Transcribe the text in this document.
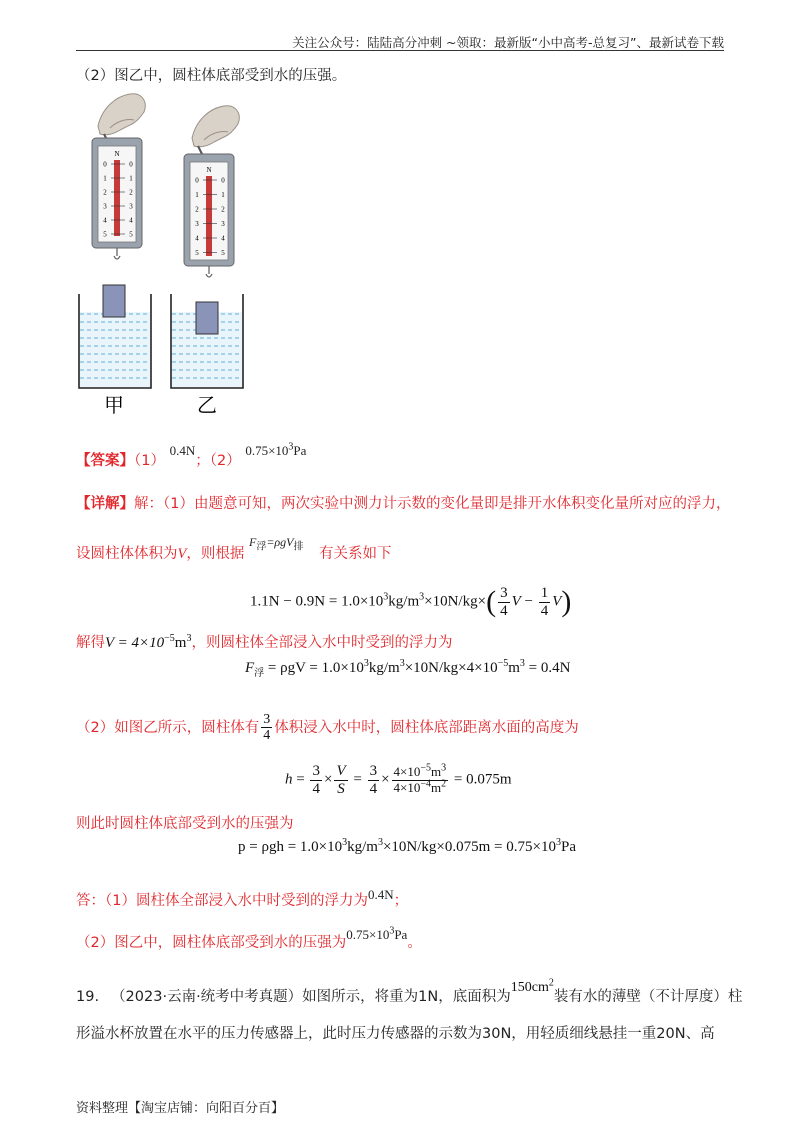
关注公众号：陆陆高分冲刺 ~领取：最新版“小中高考-总复习”、最新试卷下载
（2）图乙中，圆柱体底部受到水的压强。
N
0	0
1	1
2	2
3	3
4	4
5	5
N
0	0
1	1
2	2
3	3
4	4
5	5
甲	乙
【答案】（1） 0.4N；（2） $0.75\times 10^3Pa$
【详解】解：（1）由题意可知，两次实验中测力计示数的变化量即是排开水体积变化量所对应的浮力，
设圆柱体体积为V，则根据 $F_浮=\rho gV_排$ 有关系如下
$1.1N - 0.9N = 1.0\times 10^3kg/m^3\times 10N/kg\times( \frac{3}{4}$ $V - \frac{1}{4} V$)
解得$V = 4\times 10^{-5}m^3$，则圆柱体全部浸入水中时受到的浮力为
$F_浮 = \rho gV = 1.0\times 10^3kg/m^3\times 10N/kg\times 4\times 10^{-5}m^3 = 0.4N$
（2）如图乙所示，圆柱体有 $\frac{3}{4}$ 体积浸入水中时，圆柱体底部距离水面的高度为
$h = \frac{3}{4} \times \frac{V}{S} = \frac{3}{4} \times \frac{4\times 10^{-5}m^3}{4\times 10^{-4}m^2} = 0.075m$
则此时圆柱体底部受到水的压强为
$p = \rho gh = 1.0\times 10^3kg/m^3\times 10N/kg\times 0.075m = 0.75\times 10^3Pa$
答：（1）圆柱体全部浸入水中时受到的浮力为0.4N；
（2）图乙中，圆柱体底部受到水的压强为$0.75\times 10^3Pa$。
19. （2023·云南·统考中考真题）如图所示，将重为1N，底面积为$150cm^2$装有水的薄壁（不计厚度）柱
形溢水杯放置在水平的压力传感器上，此时压力传感器的示数为30N，用轻质细线悬挂一重20N、高
资料整理【淘宝店铺：向阳百分百】
